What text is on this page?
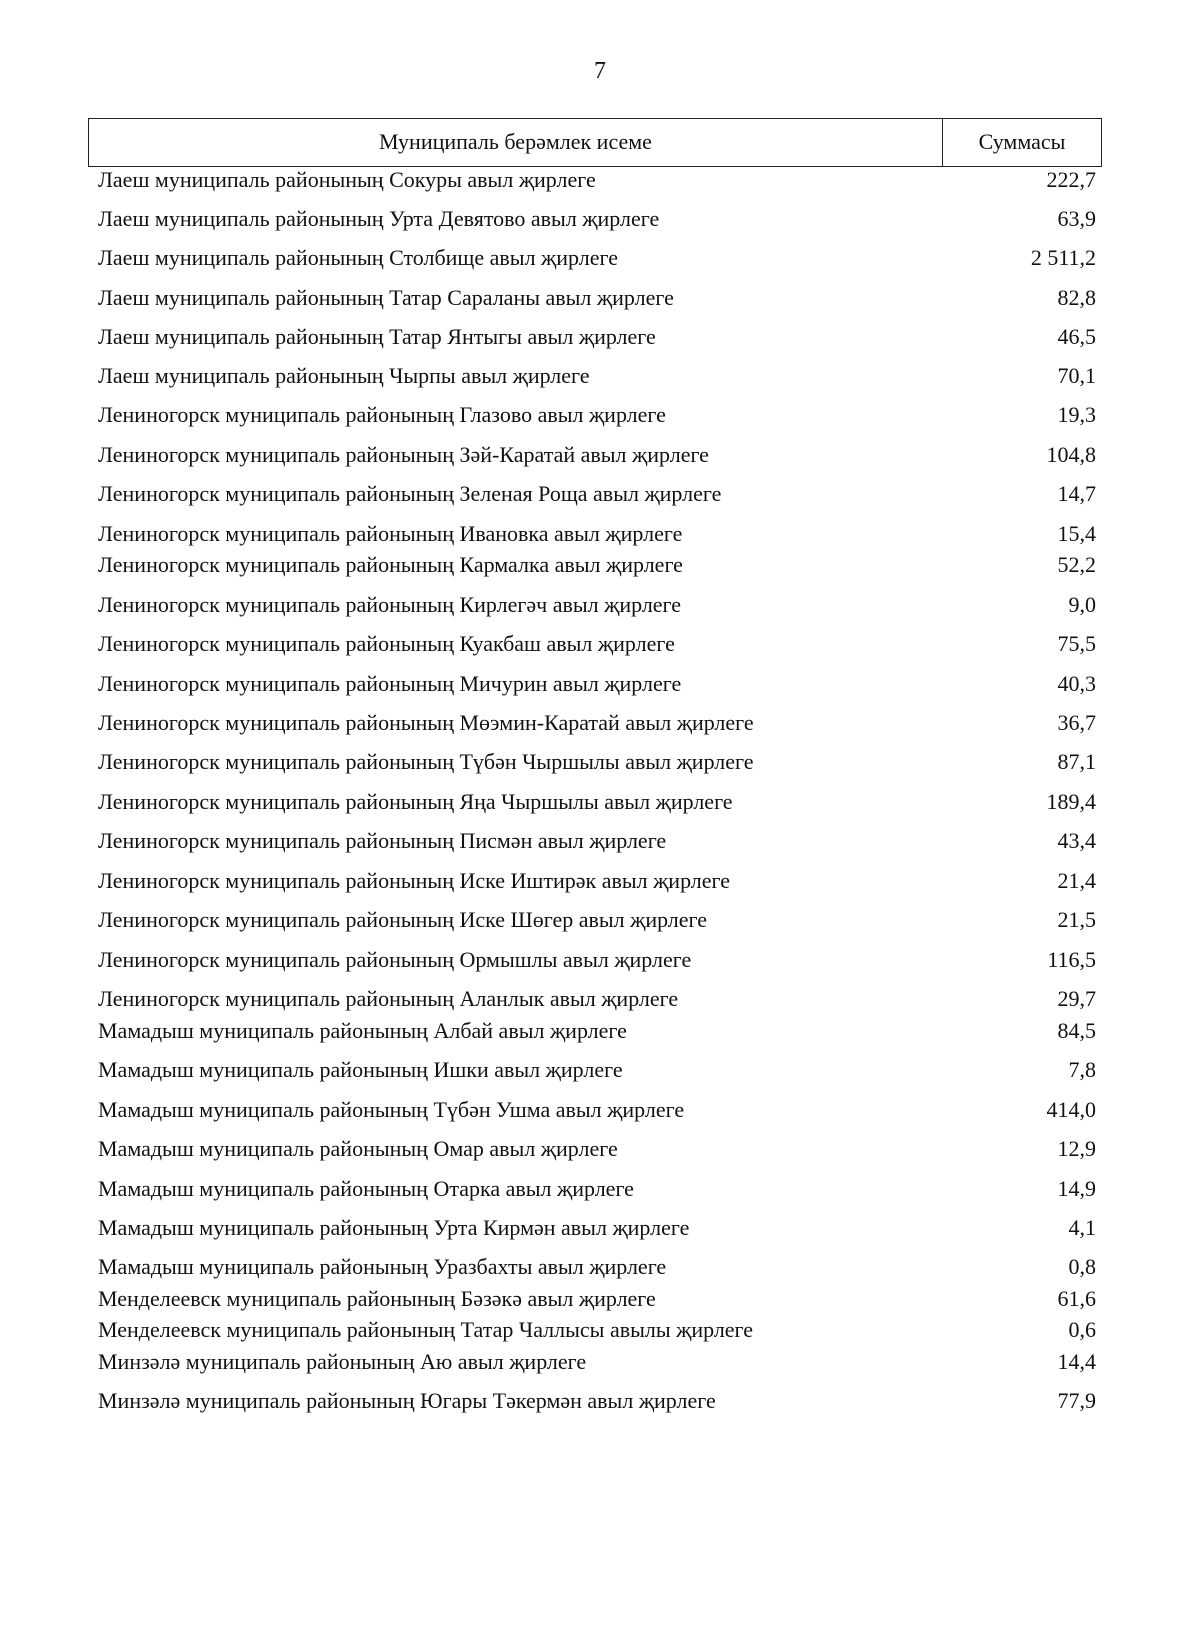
7
Муниципаль берәмлек исеме	Суммасы
Лаеш муниципаль районының Сокуры авыл җирлеге	222,7
Лаеш муниципаль районының Урта Девятово авыл җирлеге	63,9
Лаеш муниципаль районының Столбище авыл җирлеге	2 511,2
Лаеш муниципаль районының Татар Сараланы авыл җирлеге	82,8
Лаеш муниципаль районының Татар Янтыгы авыл җирлеге	46,5
Лаеш муниципаль районының Чырпы авыл җирлеге	70,1
Лениногорск муниципаль районының Глазово авыл җирлеге	19,3
Лениногорск муниципаль районының Зәй-Каратай авыл җирлеге	104,8
Лениногорск муниципаль районының Зеленая Роща авыл җирлеге	14,7
Лениногорск муниципаль районының Ивановка авыл җирлеге	15,4
Лениногорск муниципаль районының Кармалка авыл җирлеге	52,2
Лениногорск муниципаль районының Кирлегәч авыл җирлеге	9,0
Лениногорск муниципаль районының Куакбаш авыл җирлеге	75,5
Лениногорск муниципаль районының Мичурин авыл җирлеге	40,3
Лениногорск муниципаль районының Мөэмин-Каратай авыл җирлеге	36,7
Лениногорск муниципаль районының Түбән Чыршылы авыл җирлеге	87,1
Лениногорск муниципаль районының Яңа Чыршылы авыл җирлеге	189,4
Лениногорск муниципаль районының Писмән авыл җирлеге	43,4
Лениногорск муниципаль районының Иске Иштирәк авыл җирлеге	21,4
Лениногорск муниципаль районының Иске Шөгер авыл җирлеге	21,5
Лениногорск муниципаль районының Ормышлы авыл җирлеге	116,5
Лениногорск муниципаль районының Аланлык авыл җирлеге	29,7
Мамадыш муниципаль районының Албай авыл җирлеге	84,5
Мамадыш муниципаль районының Ишки авыл җирлеге	7,8
Мамадыш муниципаль районының Түбән Ушма авыл җирлеге	414,0
Мамадыш муниципаль районының Омар авыл җирлеге	12,9
Мамадыш муниципаль районының Отарка авыл җирлеге	14,9
Мамадыш муниципаль районының Урта Кирмән авыл җирлеге	4,1
Мамадыш муниципаль районының Уразбахты авыл җирлеге	0,8
Менделеевск муниципаль районының Бәзәкә авыл җирлеге	61,6
Менделеевск муниципаль районының Татар Чаллысы авылы җирлеге	0,6
Минзәлә муниципаль районының Аю авыл җирлеге	14,4
Минзәлә муниципаль районының Югары Тәкермән авыл җирлеге	77,9
